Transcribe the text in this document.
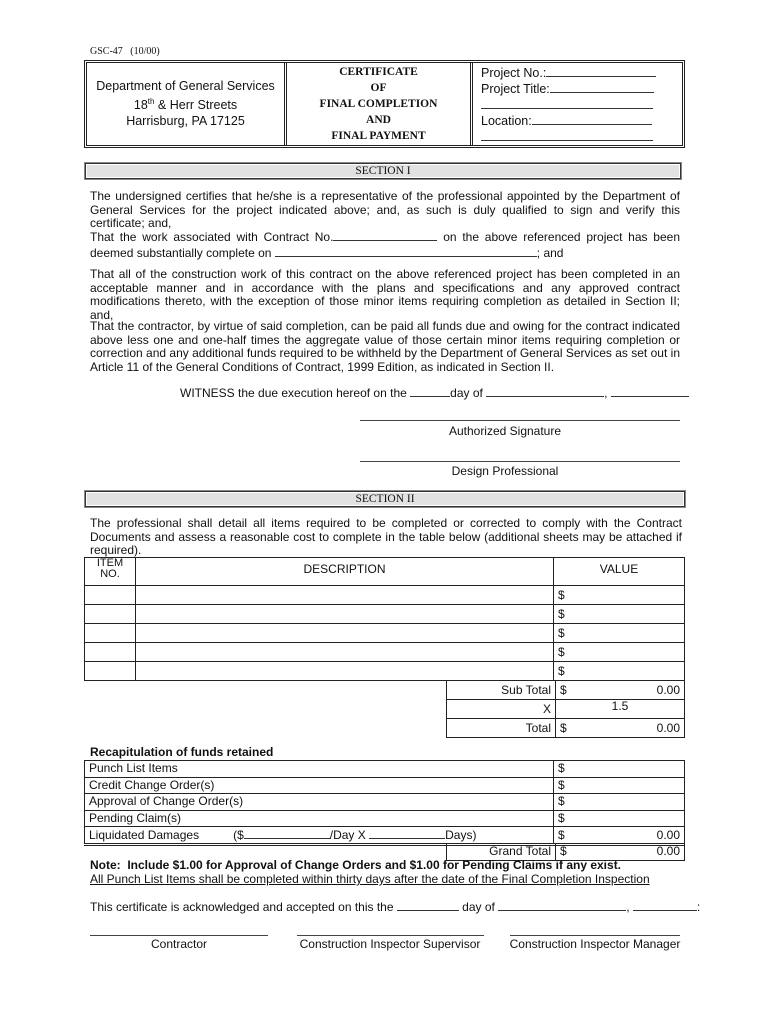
GSC-47   (10/00)
Department of General Services
18th & Herr Streets
Harrisburg, PA 17125
CERTIFICATE
OF
FINAL COMPLETION
AND
FINAL PAYMENT
Project No.:
Project Title:
Location:
SECTION I
The undersigned certifies that he/she is a representative of the professional appointed by the Department of General Services for the project indicated above; and, as such is duly qualified to sign and verify this certificate; and,
That the work associated with Contract No.	on the above referenced project has been deemed substantially complete on	; and
That all of the construction work of this contract on the above referenced project has been completed in an acceptable manner and in accordance with the plans and specifications and any approved contract modifications thereto, with the exception of those minor items requiring completion as detailed in Section II; and,
That the contractor, by virtue of said completion, can be paid all funds due and owing for the contract indicated above less one and one-half times the aggregate value of those certain minor items requiring completion or correction and any additional funds required to be withheld by the Department of General Services as set out in Article 11 of the General Conditions of Contract, 1999 Edition, as indicated in Section II.
WITNESS the due execution hereof on the	day of	,
Authorized Signature
Design Professional
SECTION II
The professional shall detail all items required to be completed or corrected to comply with the Contract Documents and assess a reasonable cost to complete in the table below (additional sheets may be attached if required).
ITEM NO.	DESCRIPTION	VALUE
		$
		$
		$
		$
		$
Sub Total	$ 0.00

X	1.5
Total	$ 0.00
Recapitulation of funds retained
Punch List Items	$
Credit Change Order(s)	$
Approval of Change Order(s)	$
Pending Claim(s)	$
Liquidated Damages ($ /Day X Days)	$ 0.00
Grand Total	$	0.00
Note:  Include $1.00 for Approval of Change Orders and $1.00 for Pending Claims if any exist.
All Punch List Items shall be completed within thirty days after the date of the Final Completion Inspection
This certificate is acknowledged and accepted on this the	day of	,	:
Contractor	Construction Inspector Supervisor	Construction Inspector Manager
